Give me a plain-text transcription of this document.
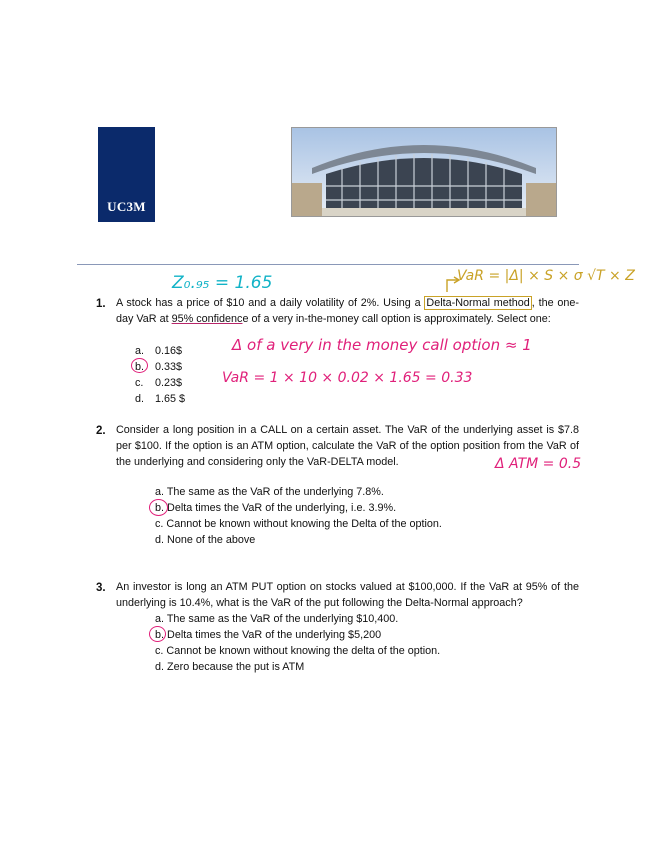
UC3M
1. A stock has a price of $10 and a daily volatility of 2%. Using a Delta-Normal method , the one-day VaR at 95% confidence of a very in-the-money call option is approximately. Select one:
a. 0.16$
b. 0.33$
c. 0.23$
d. 1.65 $
2. Consider a long position in a CALL on a certain asset. The VaR of the underlying asset is $7.8 per $100. If the option is an ATM option, calculate the VaR of the option position from the VaR of the underlying and considering only the VaR-DELTA model.
a. The same as the VaR of the underlying 7.8%.
b. Delta times the VaR of the underlying, i.e. 3.9%.
c. Cannot be known without knowing the Delta of the option.
d. None of the above
3. An investor is long an ATM PUT option on stocks valued at $100,000. If the VaR at 95% of the underlying is 10.4%, what is the VaR of the put following the Delta-Normal approach?
a. The same as the VaR of the underlying $10,400.
b. Delta times the VaR of the underlying $5,200
c. Cannot be known without knowing the delta of the option.
d. Zero because the put is ATM
Z₀.₉₅ = 1.65	VaR = |Δ| × S × σ √T × Z
Δ of a very in the money call option ≈ 1
VaR = 1 × 10 × 0.02 × 1.65 = 0.33
Δ ATM = 0.5
